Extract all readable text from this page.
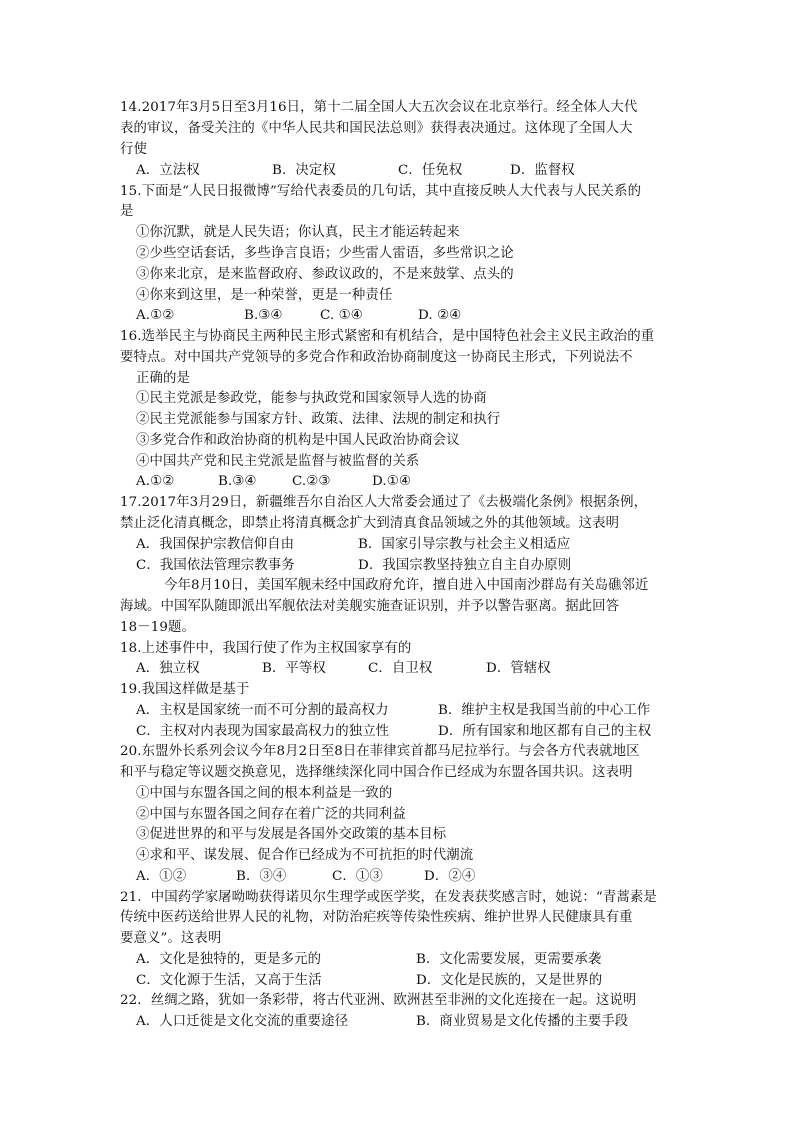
14.2017年3月5日至3月16日，第十二届全国人大五次会议在北京举行。经全体人大代
表的审议，备受关注的《中华人民共和国民法总则》获得表决通过。这体现了全国人大
行使
A．立法权	B．决定权	C．任免权	D．监督权
15.下面是“人民日报微博”写给代表委员的几句话，其中直接反映人大代表与人民关系的
是
①你沉默，就是人民失语；你认真，民主才能运转起来
②少些空话套话，多些诤言良语；少些雷人雷语，多些常识之论
③你来北京，是来监督政府、参政议政的，不是来鼓掌、点头的
④你来到这里，是一种荣誉，更是一种责任
A.①②	B.③④	C. ①④	D. ②④
16.选举民主与协商民主两种民主形式紧密和有机结合，是中国特色社会主义民主政治的重
要特点。对中国共产党领导的多党合作和政治协商制度这一协商民主形式，下列说法不
正确的是
①民主党派是参政党，能参与执政党和国家领导人选的协商
②民主党派能参与国家方针、政策、法律、法规的制定和执行
③多党合作和政治协商的机构是中国人民政治协商会议
④中国共产党和民主党派是监督与被监督的关系
A.①②	B.③④	C.②③	D.①④
17.2017年3月29日，新疆维吾尔自治区人大常委会通过了《去极端化条例》根据条例，
禁止泛化清真概念，即禁止将清真概念扩大到清真食品领域之外的其他领域。这表明
A．我国保护宗教信仰自由	B．国家引导宗教与社会主义相适应
C．我国依法管理宗教事务	D．我国宗教坚持独立自主自办原则
今年8月10日，美国军舰未经中国政府允许，擅自进入中国南沙群岛有关岛礁邻近
海域。中国军队随即派出军舰依法对美舰实施查证识别，并予以警告驱离。据此回答
18－19题。
18.上述事件中，我国行使了作为主权国家享有的
A．独立权	B．平等权	C．自卫权	D．管辖权
19.我国这样做是基于
A．主权是国家统一而不可分割的最高权力	B．维护主权是我国当前的中心工作
C．主权对内表现为国家最高权力的独立性	D．所有国家和地区都有自己的主权
20.东盟外长系列会议今年8月2日至8日在菲律宾首都马尼拉举行。与会各方代表就地区
和平与稳定等议题交换意见，选择继续深化同中国合作已经成为东盟各国共识。这表明
①中国与东盟各国之间的根本利益是一致的
②中国与东盟各国之间存在着广泛的共同利益
③促进世界的和平与发展是各国外交政策的基本目标
④求和平、谋发展、促合作已经成为不可抗拒的时代潮流
A．①②	B．③④	C．①③	D．②④
21．中国药学家屠呦呦获得诺贝尔生理学或医学奖，在发表获奖感言时，她说：“青蒿素是
传统中医药送给世界人民的礼物，对防治疟疾等传染性疾病、维护世界人民健康具有重
要意义”。这表明
A．文化是独特的，更是多元的	B．文化需要发展，更需要承袭
C．文化源于生活，又高于生活	D．文化是民族的，又是世界的
22．丝绸之路，犹如一条彩带，将古代亚洲、欧洲甚至非洲的文化连接在一起。这说明
A．人口迁徙是文化交流的重要途径	B．商业贸易是文化传播的主要手段
